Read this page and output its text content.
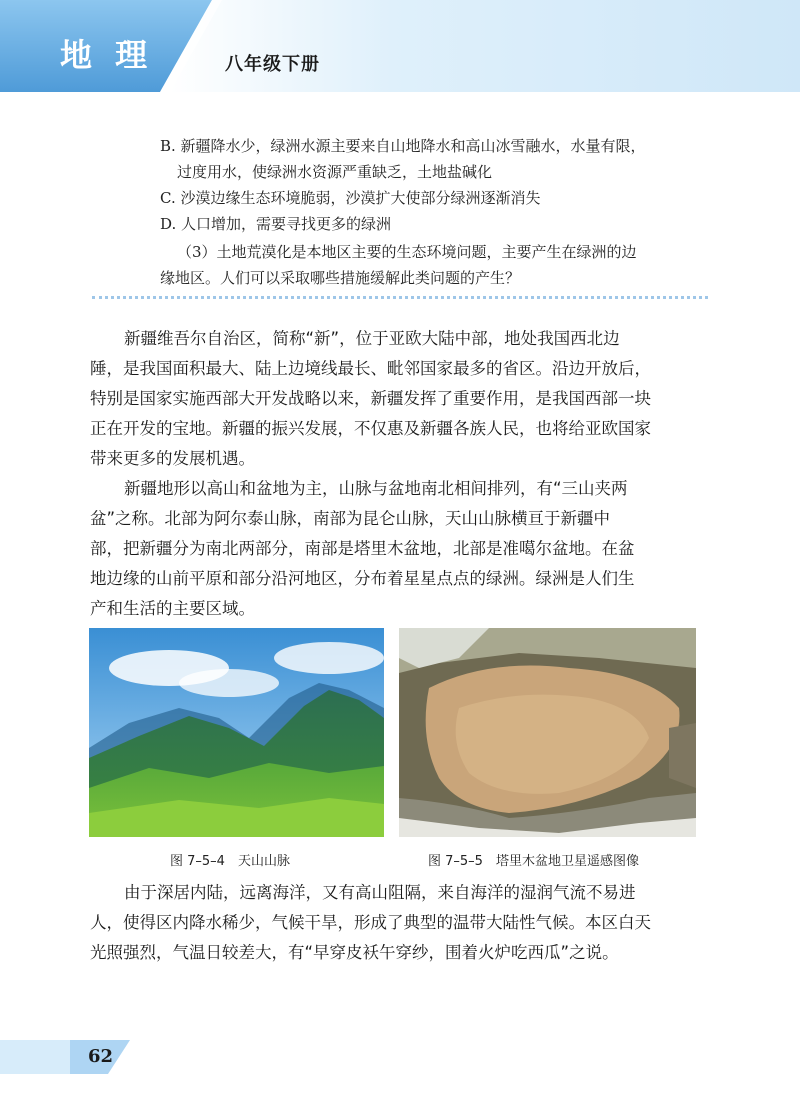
地 理	八年级下册
B. 新疆降水少，绿洲水源主要来自山地降水和高山冰雪融水，水量有限，
过度用水，使绿洲水资源严重缺乏，土地盐碱化
C. 沙漠边缘生态环境脆弱，沙漠扩大使部分绿洲逐渐消失
D. 人口增加，需要寻找更多的绿洲
（3）土地荒漠化是本地区主要的生态环境问题，主要产生在绿洲的边
缘地区。人们可以采取哪些措施缓解此类问题的产生？
新疆维吾尔自治区，简称“新”，位于亚欧大陆中部，地处我国西北边
陲，是我国面积最大、陆上边境线最长、毗邻国家最多的省区。沿边开放后，
特别是国家实施西部大开发战略以来，新疆发挥了重要作用，是我国西部一块
正在开发的宝地。新疆的振兴发展，不仅惠及新疆各族人民，也将给亚欧国家
带来更多的发展机遇。
新疆地形以高山和盆地为主，山脉与盆地南北相间排列，有“三山夹两
盆”之称。北部为阿尔泰山脉，南部为昆仑山脉，天山山脉横亘于新疆中
部，把新疆分为南北两部分，南部是塔里木盆地，北部是准噶尔盆地。在盆
地边缘的山前平原和部分沿河地区，分布着星星点点的绿洲。绿洲是人们生
产和生活的主要区域。
图 7–5–4　天山山脉	图 7–5–5　塔里木盆地卫星遥感图像
由于深居内陆，远离海洋，又有高山阻隔，来自海洋的湿润气流不易进
人，使得区内降水稀少，气候干旱，形成了典型的温带大陆性气候。本区白天
光照强烈，气温日较差大，有“早穿皮袄午穿纱，围着火炉吃西瓜”之说。
62
